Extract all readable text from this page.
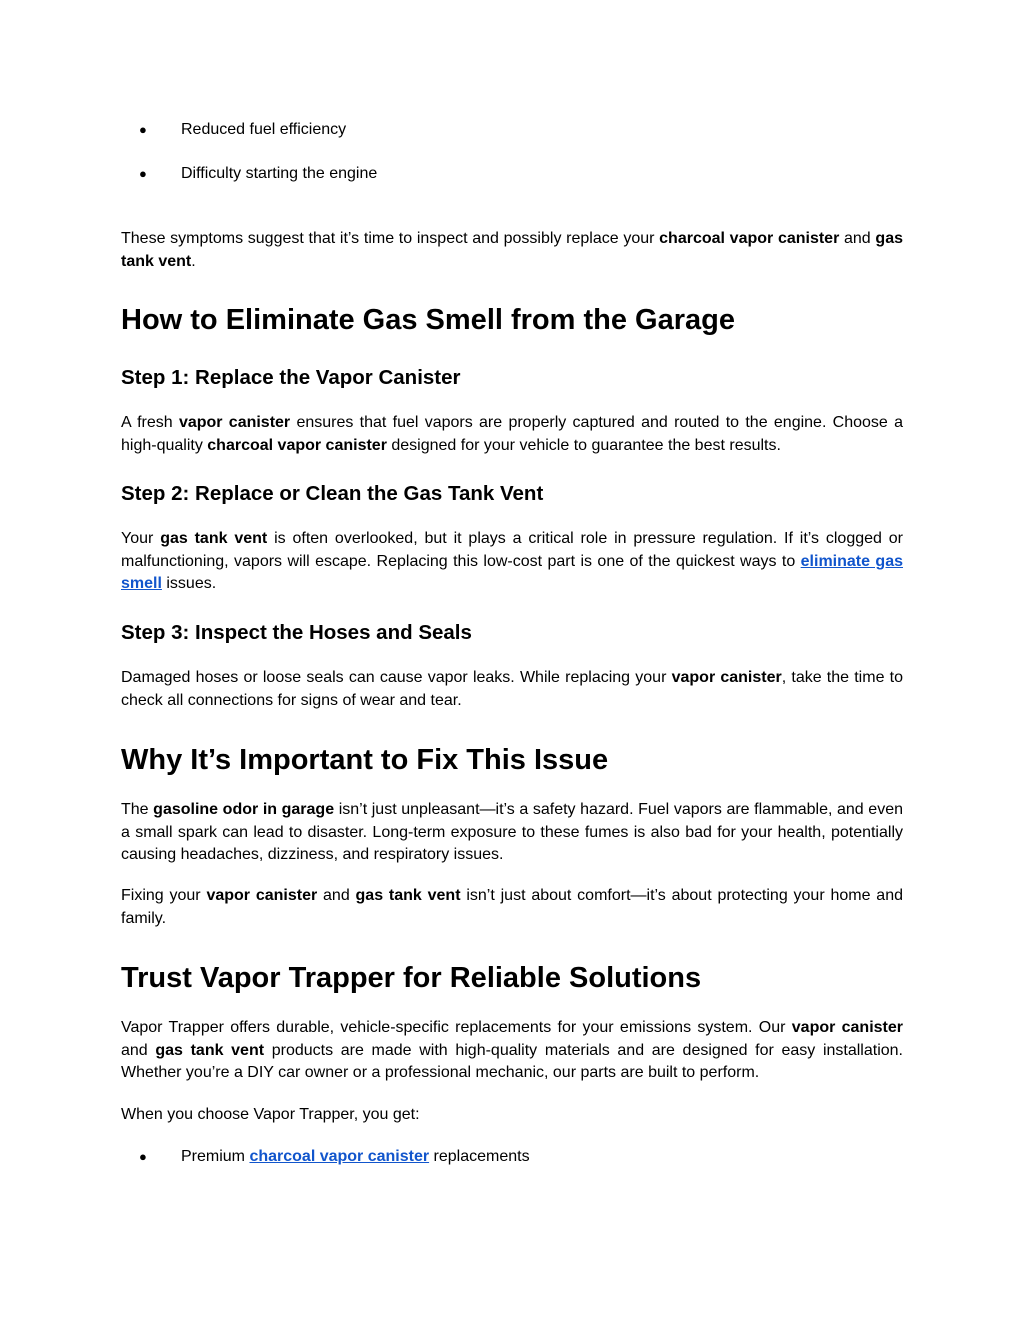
● Reduced fuel efficiency
● Difficulty starting the engine

These symptoms suggest that it’s time to inspect and possibly replace your charcoal vapor canister and gas tank vent.

How to Eliminate Gas Smell from the Garage
Step 1: Replace the Vapor Canister

A fresh vapor canister ensures that fuel vapors are properly captured and routed to the engine. Choose a high-quality charcoal vapor canister designed for your vehicle to guarantee the best results.

Step 2: Replace or Clean the Gas Tank Vent

Your gas tank vent is often overlooked, but it plays a critical role in pressure regulation. If it’s clogged or malfunctioning, vapors will escape. Replacing this low-cost part is one of the quickest ways to eliminate gas smell issues.

Step 3: Inspect the Hoses and Seals

Damaged hoses or loose seals can cause vapor leaks. While replacing your vapor canister, take the time to check all connections for signs of wear and tear.

Why It’s Important to Fix This Issue

The gasoline odor in garage isn’t just unpleasant—it’s a safety hazard. Fuel vapors are flammable, and even a small spark can lead to disaster. Long-term exposure to these fumes is also bad for your health, potentially causing headaches, dizziness, and respiratory issues.

Fixing your vapor canister and gas tank vent isn’t just about comfort—it’s about protecting your home and family.

Trust Vapor Trapper for Reliable Solutions

Vapor Trapper offers durable, vehicle-specific replacements for your emissions system. Our vapor canister and gas tank vent products are made with high-quality materials and are designed for easy installation. Whether you’re a DIY car owner or a professional mechanic, our parts are built to perform.

When you choose Vapor Trapper, you get:

● Premium charcoal vapor canister replacements
